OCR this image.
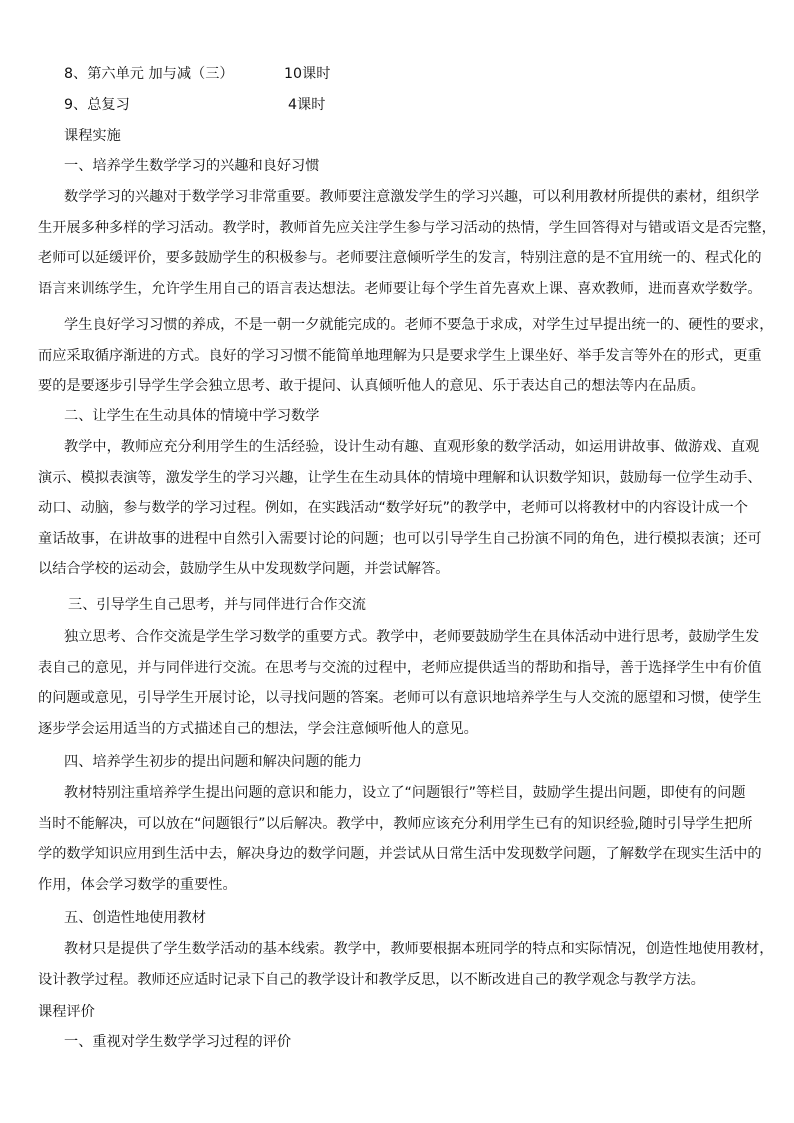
8、第六单元 加与减（三）	10课时
9、总复习	4课时
课程实施
一、培养学生数学学习的兴趣和良好习惯
数学学习的兴趣对于数学学习非常重要。教师要注意激发学生的学习兴趣，可以利用教材所提供的素材，组织学
生开展多种多样的学习活动。教学时，教师首先应关注学生参与学习活动的热情，学生回答得对与错或语文是否完整，
老师可以延缓评价，要多鼓励学生的积极参与。老师要注意倾听学生的发言，特别注意的是不宜用统一的、程式化的
语言来训练学生，允许学生用自己的语言表达想法。老师要让每个学生首先喜欢上课、喜欢教师，进而喜欢学数学。
学生良好学习习惯的养成，不是一朝一夕就能完成的。老师不要急于求成，对学生过早提出统一的、硬性的要求，
而应采取循序渐进的方式。良好的学习习惯不能简单地理解为只是要求学生上课坐好、举手发言等外在的形式，更重
要的是要逐步引导学生学会独立思考、敢于提问、认真倾听他人的意见、乐于表达自己的想法等内在品质。
二、让学生在生动具体的情境中学习数学
教学中，教师应充分利用学生的生活经验，设计生动有趣、直观形象的数学活动，如运用讲故事、做游戏、直观
演示、模拟表演等，激发学生的学习兴趣，让学生在生动具体的情境中理解和认识数学知识，鼓励每一位学生动手、
动口、动脑，参与数学的学习过程。例如，在实践活动“数学好玩”的教学中，老师可以将教材中的内容设计成一个
童话故事，在讲故事的进程中自然引入需要讨论的问题；也可以引导学生自己扮演不同的角色，进行模拟表演；还可
以结合学校的运动会，鼓励学生从中发现数学问题，并尝试解答。
三、引导学生自己思考，并与同伴进行合作交流
独立思考、合作交流是学生学习数学的重要方式。教学中，老师要鼓励学生在具体活动中进行思考，鼓励学生发
表自己的意见，并与同伴进行交流。在思考与交流的过程中，老师应提供适当的帮助和指导，善于选择学生中有价值
的问题或意见，引导学生开展讨论，以寻找问题的答案。老师可以有意识地培养学生与人交流的愿望和习惯，使学生
逐步学会运用适当的方式描述自己的想法，学会注意倾听他人的意见。
四、培养学生初步的提出问题和解决问题的能力
教材特别注重培养学生提出问题的意识和能力，设立了“问题银行”等栏目，鼓励学生提出问题，即使有的问题
当时不能解决，可以放在“问题银行”以后解决。教学中，教师应该充分利用学生已有的知识经验,随时引导学生把所
学的数学知识应用到生活中去，解决身边的数学问题，并尝试从日常生活中发现数学问题，了解数学在现实生活中的
作用，体会学习数学的重要性。
五、创造性地使用教材
教材只是提供了学生数学活动的基本线索。教学中，教师要根据本班同学的特点和实际情况，创造性地使用教材，
设计教学过程。教师还应适时记录下自己的教学设计和教学反思，以不断改进自己的教学观念与教学方法。
课程评价
一、重视对学生数学学习过程的评价
